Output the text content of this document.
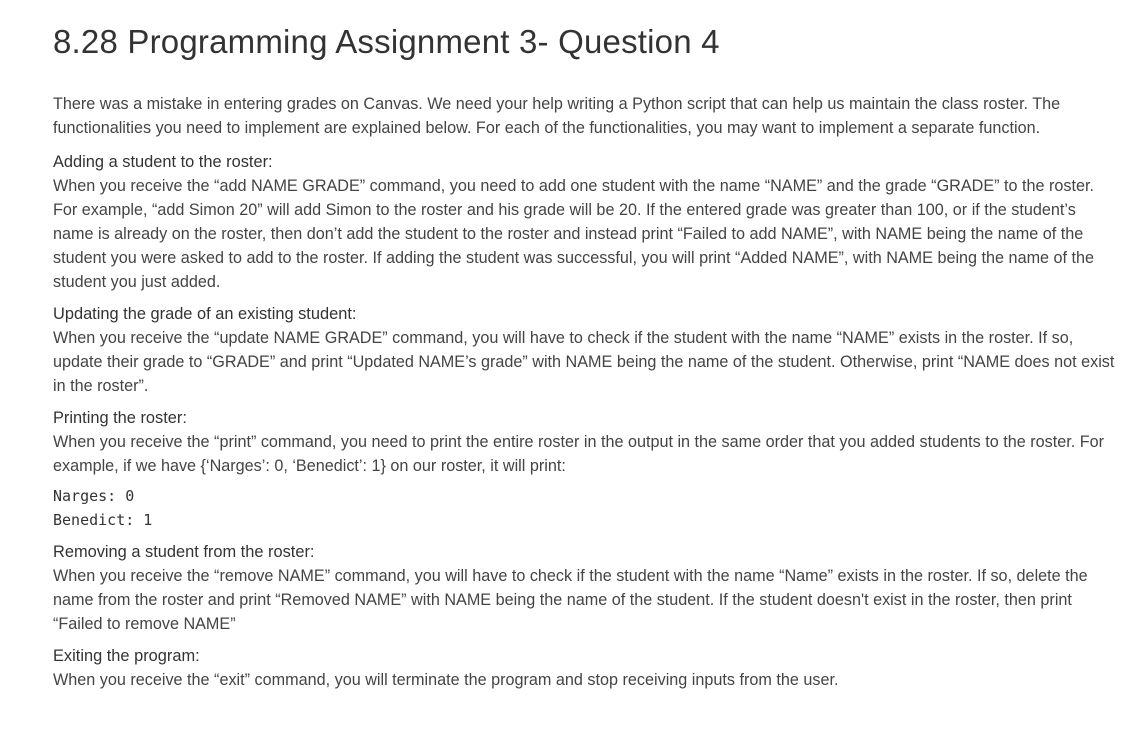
8.28 Programming Assignment 3- Question 4

There was a mistake in entering grades on Canvas. We need your help writing a Python script that can help us maintain the class roster. The functionalities you need to implement are explained below. For each of the functionalities, you may want to implement a separate function.

Adding a student to the roster:
When you receive the “add NAME GRADE” command, you need to add one student with the name “NAME” and the grade “GRADE” to the roster. For example, “add Simon 20” will add Simon to the roster and his grade will be 20. If the entered grade was greater than 100, or if the student’s name is already on the roster, then don’t add the student to the roster and instead print “Failed to add NAME”, with NAME being the name of the student you were asked to add to the roster. If adding the student was successful, you will print “Added NAME”, with NAME being the name of the student you just added.
Updating the grade of an existing student:
When you receive the “update NAME GRADE” command, you will have to check if the student with the name “NAME” exists in the roster. If so, update their grade to “GRADE” and print “Updated NAME’s grade” with NAME being the name of the student. Otherwise, print “NAME does not exist in the roster”.
Printing the roster:
When you receive the “print” command, you need to print the entire roster in the output in the same order that you added students to the roster. For example, if we have {‘Narges’: 0, ‘Benedict’: 1} on our roster, it will print:
Narges: 0
Benedict: 1
Removing a student from the roster:
When you receive the “remove NAME” command, you will have to check if the student with the name “Name” exists in the roster. If so, delete the name from the roster and print “Removed NAME” with NAME being the name of the student. If the student doesn't exist in the roster, then print “Failed to remove NAME”
Exiting the program:
When you receive the “exit” command, you will terminate the program and stop receiving inputs from the user.
